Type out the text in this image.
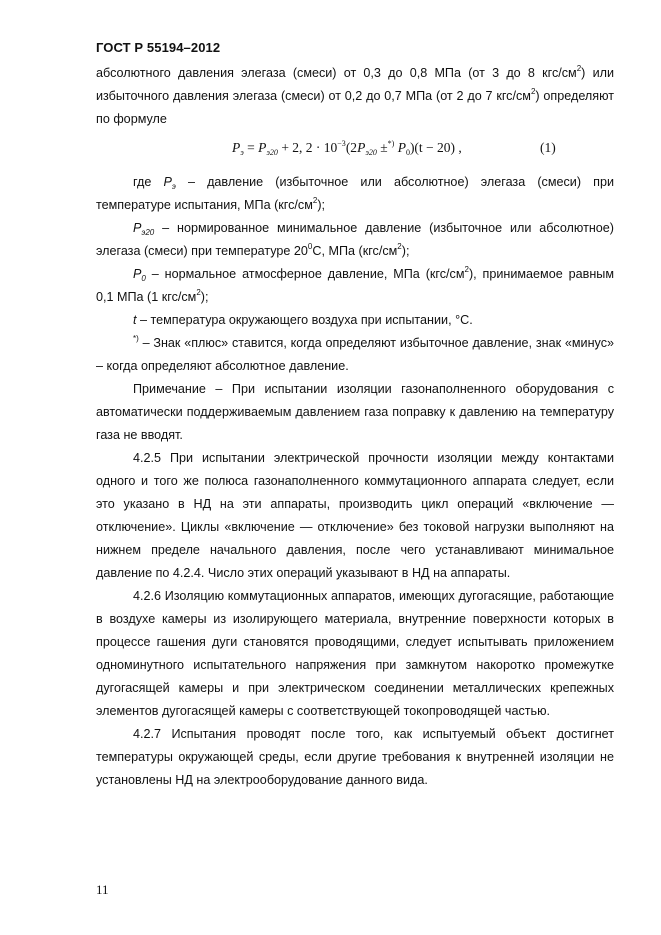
ГОСТ Р 55194–2012

абсолютного давления элегаза (смеси) от 0,3 до 0,8 МПа (от 3 до 8 кгс/$см^2$) или избыточного давления элегаза (смеси) от 0,2 до 0,7 МПа (от 2 до 7 кгс/$см^2$) определяют по формуле

$P_э = P_{э20} + 2$, $2 \cdot 10^{-3}(2P_{э20} \pm^{*)}$ $P_0)(t - 20)$ ,	(1)

где $P_э$ – давление (избыточное или абсолютное) элегаза (смеси) при температуре испытания, МПа $(кгс/см^2)$;

$P_{э20}$ – нормированное минимальное давление (избыточное или абсолютное) элегаза (смеси) при температуре $20^0С$, МПа $(кгс/см^2)$;

$P_0$ – нормальное атмосферное давление, МПа $(кгс/см^2)$, принимаемое равным 0,1 МПа (1 кгс/$см^2$);

t – температура окружающего воздуха при испытании, °С.

*) – Знак «плюс» ставится, когда определяют избыточное давление, знак «минус» – когда определяют абсолютное давление.

Примечание – При испытании изоляции газонаполненного оборудования с автоматически поддерживаемым давлением газа поправку к давлению на температуру газа не вводят.

4.2.5 При испытании электрической прочности изоляции между контактами одного и того же полюса газонаполненного коммутационного аппарата следует, если это указано в НД на эти аппараты, производить цикл операций «включение — отключение». Циклы «включение — отключение» без токовой нагрузки выполняют на нижнем пределе начального давления, после чего устанавливают минимальное давление по 4.2.4. Число этих операций указывают в НД на аппараты.

4.2.6 Изоляцию коммутационных аппаратов, имеющих дугогасящие, работающие в воздухе камеры из изолирующего материала, внутренние поверхности которых в процессе гашения дуги становятся проводящими, следует испытывать приложением одноминутного испытательного напряжения при замкнутом накоротко промежутке дугогасящей камеры и при электрическом соединении металлических крепежных элементов дугогасящей камеры с соответствующей токопроводящей частью.

4.2.7 Испытания проводят после того, как испытуемый объект достигнет температуры окружающей среды, если другие требования к внутренней изоляции не установлены НД на электрооборудование данного вида.

11
